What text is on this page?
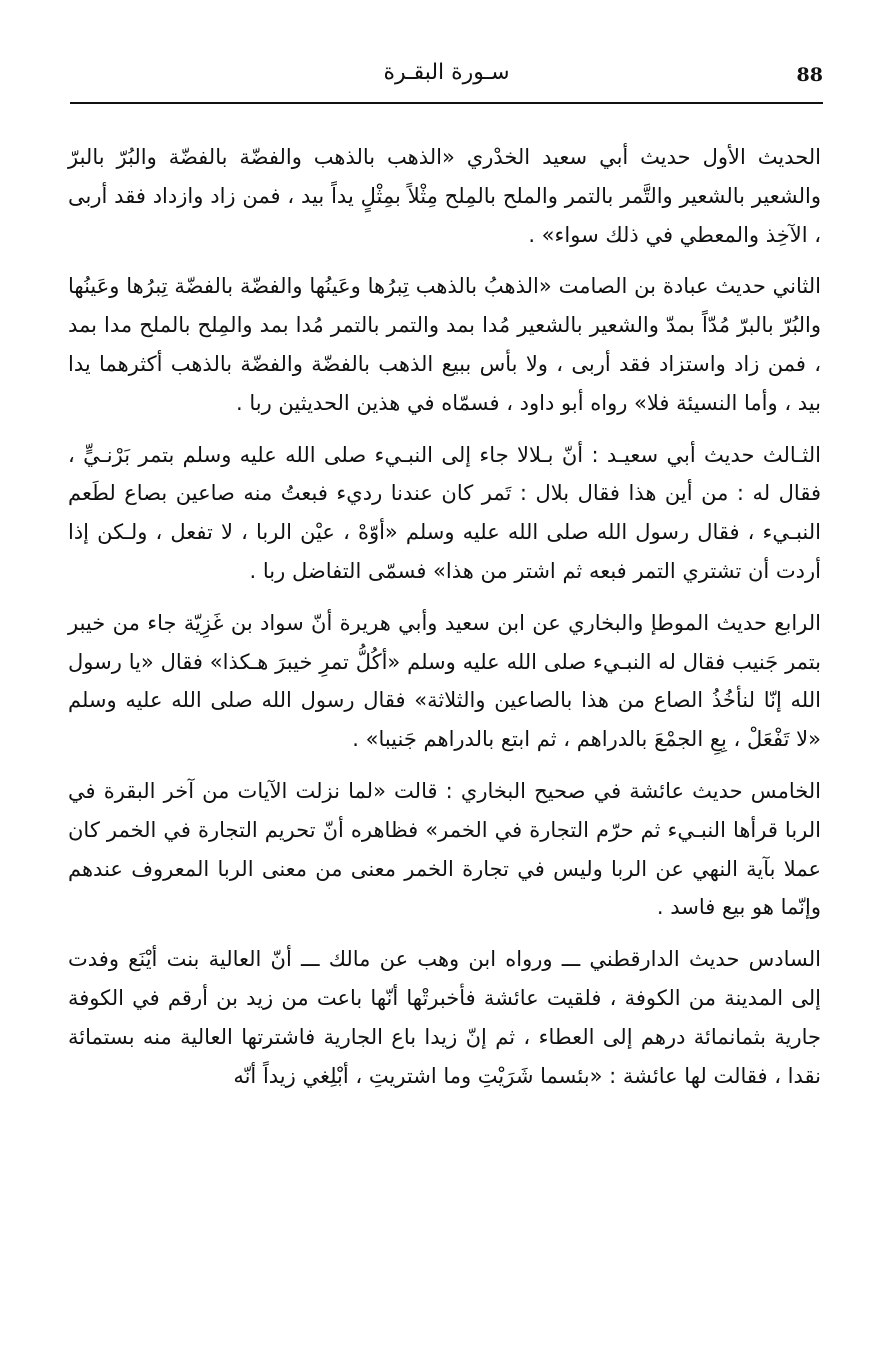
88
سـورة البقـرة

الحديث الأول حديث أبي سعيد الخدْري «الذهب بالذهب والفضّة بالفضّة والبُرّ بالبرّ والشعير بالشعير والتَّمر بالتمر والملح بالمِلح مِثْلاً بمِثْلٍ يداً بيد ، فمن زاد وازداد فقد أربى ، الآخِذ والمعطي في ذلك سواء» .

الثاني حديث عبادة بن الصامت «الذهبُ بالذهب تِبرُها وعَينُها والفضّة بالفضّة تِبرُها وعَينُها والبُرّ بالبرّ مُدّاً بمدّ والشعير بالشعير مُدا بمد والتمر بالتمر مُدا بمد والمِلح بالملح مدا بمد ، فمن زاد واستزاد فقد أربى ، ولا بأس ببيع الذهب بالفضّة والفضّة بالذهب أكثرهما يدا بيد ، وأما النسيئة فلا» رواه أبو داود ، فسمّاه في هذين الحديثين ربا .

الثـالث حديث أبي سعيـد : أنّ بـلالا جاء إلى النبـيء صلى الله عليه وسلم بتمر بَرْنـيٍّ ، فقال له : من أين هذا فقال بلال : تَمر كان عندنا رديء فبعتُ منه صاعين بصاع لطَعم النبـيء ، فقال رسول الله صلى الله عليه وسلم «أوّهْ ، عيْن الربا ، لا تفعل ، ولـكن إذا أردت أن تشتري التمر فبعه ثم اشتر من هذا» فسمّى التفاضل ربا .

الرابع حديث الموطإ والبخاري عن ابن سعيد وأبي هريرة أنّ سواد بن غَزِيّة جاء من خيبر بتمر جَنيب فقال له النبـيء صلى الله عليه وسلم «أكُلُّ تمرِ خيبرَ هـكذا» فقال «يا رسول الله إنّا لنأخُذُ الصاع من هذا بالصاعين والثلاثة» فقال رسول الله صلى الله عليه وسلم «لا تَفْعَلْ ، بِعِ الجمْعَ بالدراهم ، ثم ابتع بالدراهم جَنيبا» .

الخامس حديث عائشة في صحيح البخاري : قالت «لما نزلت الآيات من آخر البقرة في الربا قرأها النبـيء ثم حرّم التجارة في الخمر» فظاهره أنّ تحريم التجارة في الخمر كان عملا بآية النهي عن الربا وليس في تجارة الخمر معنى من معنى الربا المعروف عندهم وإنّما هو بيع فاسد .

السادس حديث الدارقطني ـــ ورواه ابن وهب عن مالك ـــ أنّ العالية بنت أيْنَع وفدت إلى المدينة من الكوفة ، فلقيت عائشة فأخبرتْها أنّها باعت من زيد بن أرقم في الكوفة جارية بثمانمائة درهم إلى العطاء ، ثم إنّ زيدا باع الجارية فاشترتها العالية منه بستمائة نقدا ، فقالت لها عائشة : «بئسما شَرَيْتِ وما اشتريتِ ، أبْلِغي زيداً أنّه
